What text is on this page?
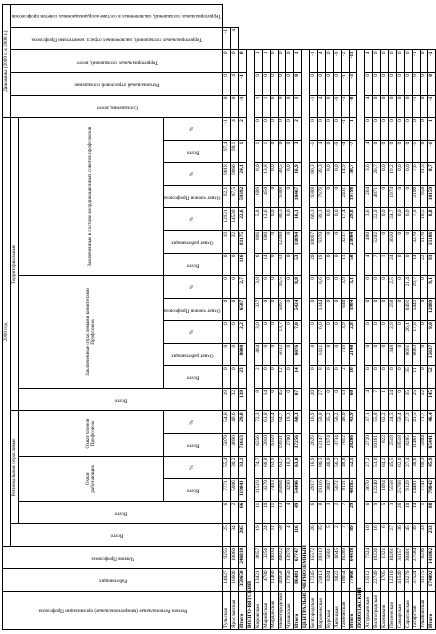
Регион Региональные (межрегиональные) организации Профсоюза	Работающих	Членов Профсоюза	2009 год																			Динамика (2009 г. к 2008 г.)				
			Всего	Региональные отраслевые					Территориальные													Соглашения, всего	Региональный отраслевой соглашение	Территориальных соглашений, всего	Территориальных соглашений, заключенных отрасл. комитетами Профсоюза	Территориальных соглашений, заключенных в составе координационных советов профсоюзов
				Всего	Охват работающих		Охват членов Профсоюза		Всего	Заключенные отраслевыми комитетами Профсоюза					Заключенные в составе координационных советов профсоюзов											
					Всего	%	Всего	%		Всего	Охват работающих	%	Охват членов Профсоюза	%	Всего	Охват работающих	%	Охват членов Профсоюза	%	Всего	%					
Тульская	14027	9255	25	6	7771	55,4	5070	54,8	19	0	0	0	0	0	0	19	12921	92,1	9018	97,4	-1	0	0	0	-1	
Ярославская	16600	10060	34	2	5006	30,2	4890	48,6	32	0	0	0	0	0	0	32	14520	87,5	9066	90,1	4	0	4	0	4	
Итого	359650	246810	205	66	119041	33,1	71613	29,0	139	23	8000	2,2	6587	2,7	116	81175	22,6	59392	24,1	1	2	-1	-1	0		
ВОЛГО-ВЯТСКИЙ																										
Кировская	13421	8657	19	11	11519	74,7	6256	72,3	8	2	464	3,0	327	3,8	6	896	5,8	689	8,0	1	0	1	0	1		
Марийская	4780	3256	24	10	3270	68,8	2010	61,8	14	0	0	0	0	0	14	600	12,6	450	13,8	1	0	1	0	1		
Мордовская	11460	10034	11	11	7463	63,9	6359	63,4	0	0	0	0	0	0	0	0	0,0	0	0,0	0	0	0	0	0		
Нижегородская	40958	30822	58	13	26094	63,7	19931	64,7	45	12	5612	13,7	5097	16,5	33	12398	30,3	9388	30,5	0	0	0	0	0		
Чувашская	17950	13978	4	4	3290	18,3	2700	19,3	0	0	0	0	0	0	0	0	0,0	0	0,0	0	0	0	0	0		
Итого	86481	67747	116	49	54496	63,0	37256	60,3	67	14	6076	7,0	5424	8,8	53	13894	16,1	10467	16,9	3	2	1	0	1		
ЦЕНТРАЛЬНО-ЧЕРНОЗЕМНЫЙ																										
Белгородская	17245	15572	26	6	2917	16,9	2629	16,9	20	0	0	0	0	0	20	10097	60,3	9388	60,3	-1	0	-1	0	-1		
Воронежская	23813	20313	35	8	19116	80,3	12147	59,8	27	8	1421	6,0	1344	6,6	19	9370	39,3	7979	39,3	4	0	4	0	4		
Курская	8284	5601	5	3	3807	46,0	1974	35,2	0	0	0	0	0	0	0	0	0,0	0	0,0	0	0	0	0	0		
Липецкая	9022	6645	2	2	5072	56,2	3734	56,2	0	0	0	0	0	0	0	0	0,0	0	0,0	-9	0	-9	0	-9		
Тамбовская	18654	16289	7	7	9111	48,8	7812	48,0	13	2	719	3,9	640	3,9	11	3237	17,4	2431	14,9	-4	-1	-3	-1	-2		
Итого	77068	64418	89	29	40185	52,1	28286	43,9	60	10	2140	2,8	1984	3,1	50	23004	29,8	19798	30,7	-7	1	-8	-3	-11		
ПОВОЛЖСКИЙ																										
Астраханская	13512	7324	10	6	3670	27,2	2720	37,1	4	0	0	0	0	0	4	480	3,6	264	3,6	4	0	4	0	4		
Волгоградская	22749	18226	16	9	12240	53,8	10161	55,8	7	0	0	0	0	0	7	5202	22,9	4871	26,7	0	0	0	0	0		
Калмыкия	1705	1321	6	5	1094	64,2	822	62,2	1	0	0	0	0	0	1	0	0,0	0	0,0	0	0	0	0	0		
Пензенская	12210	10261	27	3	5558	45,5	2519	24,5	24	0	348	2,9	258	2,5	24	3020	24,7	1974	19,2	0	0	0	0	0		
Самарская	41540	31157	36	26	25768	62,0	18518	59,4	0	0	0	0	0	0	0	0	0,0	0	0,0	0	0	0	0	0		
Саратовская	33270	30401	45	10	9129	27,4	8285	27,3	35	35	8691	26,1	6491	21,4	0	0	0,0	0	0,0	0	0	0	0	0		
Татарстан	37524	27584	39	14	14481	38,6	11461	41,5	25	11	6663	17,8	5441	19,7	14	3270	7,9	2100	7,6	-1	0	-1	0	-1		
Ульяновская	11175	8236	33	1	7741	69,3	5904	71,7	22	0	0	0	0	0	22	1176	10,5	950	11,5	0	0	0	0	0		
Итого	174092	141062	233	88	79842	45,9	65441	46,4	145	52	15637	9,0	12889	9,1	93	13186	8,8	10159	8,7	-1	1	-1	0	-1		
